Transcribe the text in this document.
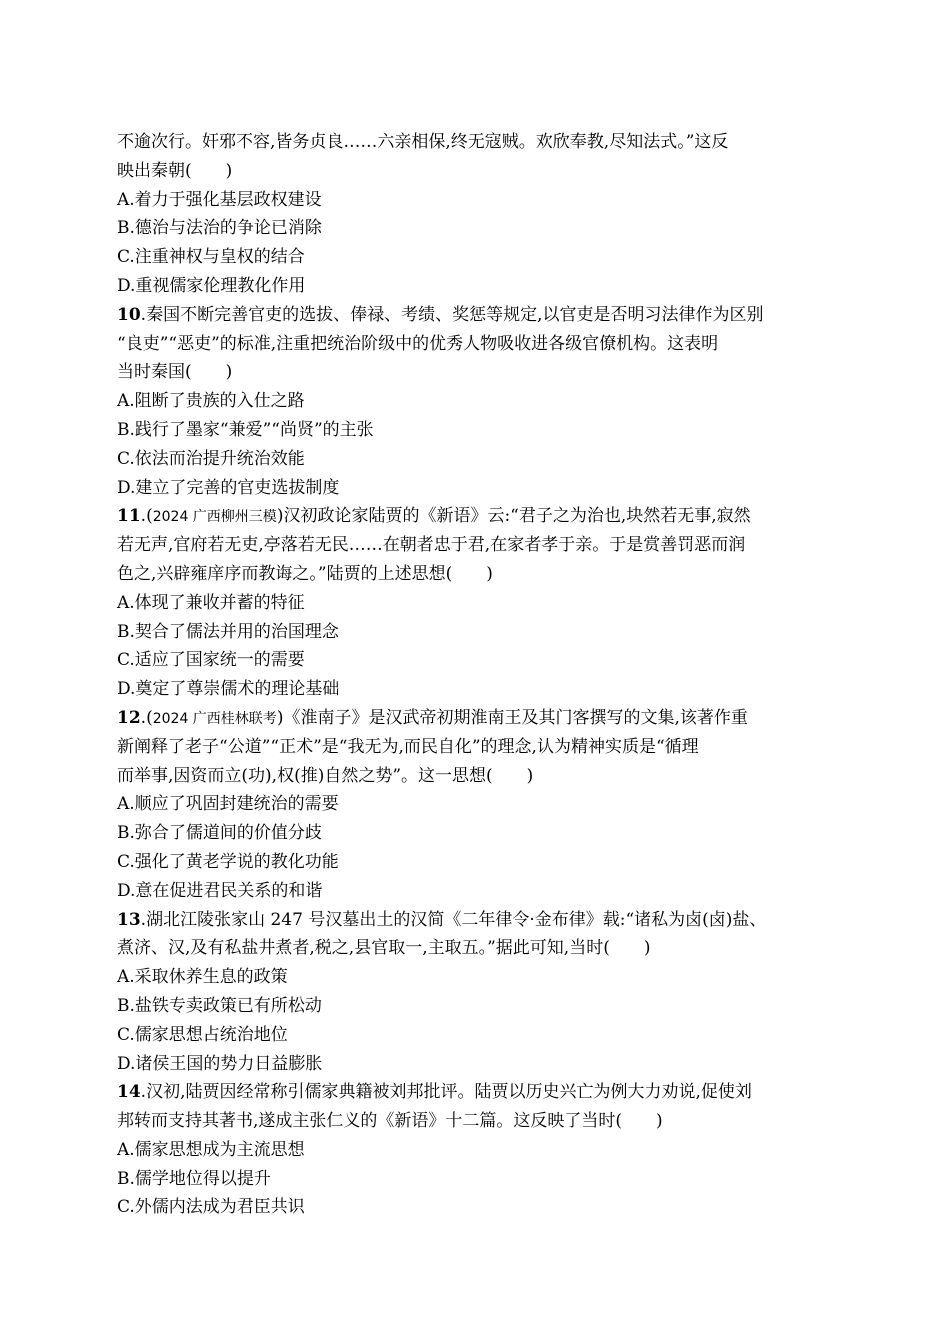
不逾次行。奸邪不容,皆务贞良……六亲相保,终无寇贼。欢欣奉教,尽知法式。”这反
映出秦朝(　　)
A.着力于强化基层政权建设
B.德治与法治的争论已消除
C.注重神权与皇权的结合
D.重视儒家伦理教化作用
10.秦国不断完善官吏的选拔、俸禄、考绩、奖惩等规定,以官吏是否明习法律作为区别
“良吏”“恶吏”的标准,注重把统治阶级中的优秀人物吸收进各级官僚机构。这表明
当时秦国(　　)
A.阻断了贵族的入仕之路
B.践行了墨家“兼爱”“尚贤”的主张
C.依法而治提升统治效能
D.建立了完善的官吏选拔制度
11.(2024 广西柳州三模)汉初政论家陆贾的《新语》云:“君子之为治也,块然若无事,寂然
若无声,官府若无吏,亭落若无民……在朝者忠于君,在家者孝于亲。于是赏善罚恶而润
色之,兴辟雍庠序而教诲之。”陆贾的上述思想(　　)
A.体现了兼收并蓄的特征
B.契合了儒法并用的治国理念
C.适应了国家统一的需要
D.奠定了尊崇儒术的理论基础
12.(2024 广西桂林联考)《淮南子》是汉武帝初期淮南王及其门客撰写的文集,该著作重
新阐释了老子“公道”“正术”是“我无为,而民自化”的理念,认为精神实质是“循理
而举事,因资而立(功),权(推)自然之势”。这一思想(　　)
A.顺应了巩固封建统治的需要
B.弥合了儒道间的价值分歧
C.强化了黄老学说的教化功能
D.意在促进君民关系的和谐
13.湖北江陵张家山 247 号汉墓出土的汉简《二年律令·金布律》载:“诸私为卤(卤)盐、
煮济、汉,及有私盐井煮者,税之,县官取一,主取五。”据此可知,当时(　　)
A.采取休养生息的政策
B.盐铁专卖政策已有所松动
C.儒家思想占统治地位
D.诸侯王国的势力日益膨胀
14.汉初,陆贾因经常称引儒家典籍被刘邦批评。陆贾以历史兴亡为例大力劝说,促使刘
邦转而支持其著书,遂成主张仁义的《新语》十二篇。这反映了当时(　　)
A.儒家思想成为主流思想
B.儒学地位得以提升
C.外儒内法成为君臣共识
